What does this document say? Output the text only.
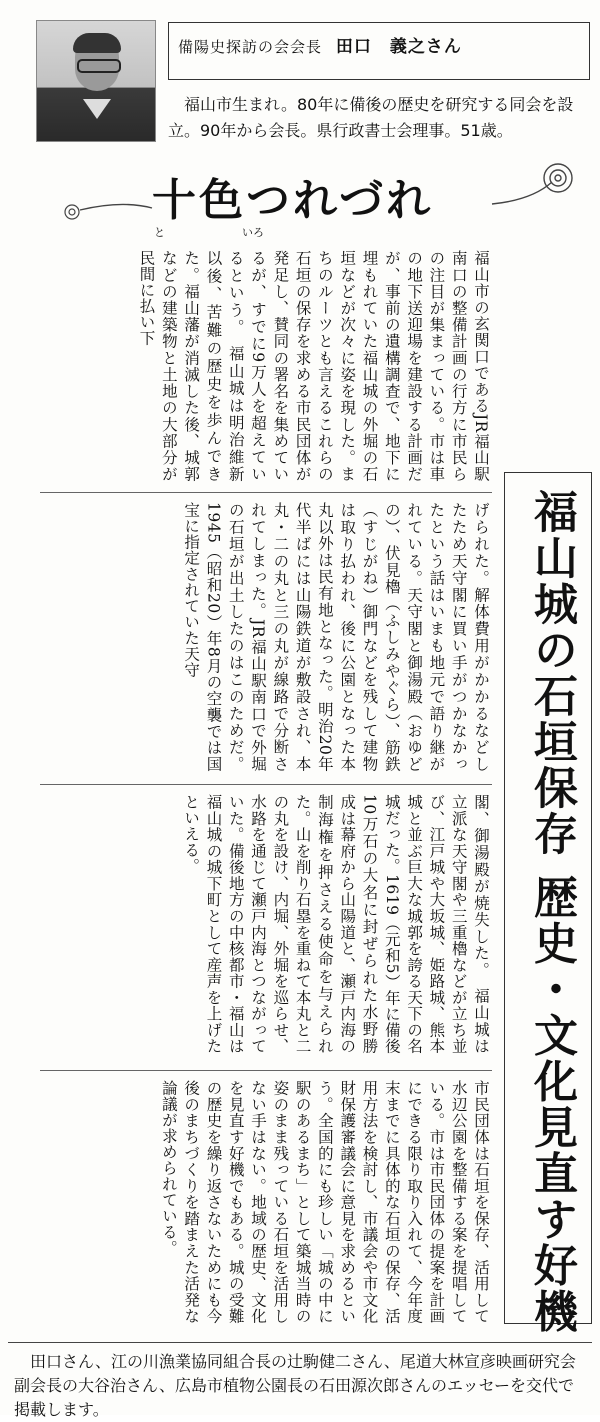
備陽史探訪の会会長 田口　義之さん
福山市生まれ。80年に備後の歴史を研究する同会を設立。90年から会長。県行政書士会理事。51歳。
十色つれづれ
と	いろ
福山市の玄関口であるJR福山駅南口の整備計画の行方に市民らの注目が集まっている。市は車の地下送迎場を建設する計画だが、事前の遺構調査で、地下に埋もれていた福山城の外堀の石垣などが次々に姿を現した。まちのルーツとも言えるこれらの石垣の保存を求める市民団体が発足し、賛同の署名を集めているが、すでに9万人を超えているという。　福山城は明治維新以後、苦難の歴史を歩んできた。福山藩が消滅した後、城郭などの建築物と土地の大部分が民間に払い下
げられた。解体費用がかかるなどしたため天守閣に買い手がつかなかったという話はいまも地元で語り継がれている。天守閣と御湯殿（おゆどの）、伏見櫓（ふしみやぐら）、筋鉄（すじがね）御門などを残して建物は取り払われ、後に公園となった本丸以外は民有地となった。明治20年代半ばには山陽鉄道が敷設され、本丸・二の丸と三の丸が線路で分断されてしまった。JR福山駅南口で外堀の石垣が出土したのはこのためだ。1945（昭和20）年8月の空襲では国宝に指定されていた天守
閣、御湯殿が焼失した。　福山城は立派な天守閣や三重櫓などが立ち並び、江戸城や大坂城、姫路城、熊本城と並ぶ巨大な城郭を誇る天下の名城だった。1619（元和5）年に備後10万石の大名に封ぜられた水野勝成は幕府から山陽道と、瀬戸内海の制海権を押さえる使命を与えられた。山を削り石塁を重ねて本丸と二の丸を設け、内堀、外堀を巡らせ、水路を通じて瀬戸内海とつながっていた。備後地方の中核都市・福山は福山城の城下町として産声を上げたといえる。
市民団体は石垣を保存、活用して水辺公園を整備する案を提唱している。市は市民団体の提案を計画にできる限り取り入れて、今年度末までに具体的な石垣の保存、活用方法を検討し、市議会や市文化財保護審議会に意見を求めるという。全国的にも珍しい「城の中に駅のあるまち」として築城当時の姿のまま残っている石垣を活用しない手はない。地域の歴史、文化を見直す好機でもある。城の受難の歴史を繰り返さないためにも今後のまちづくりを踏まえた活発な論議が求められている。	福山城の石垣保存 歴史・文化見直す好機
田口さん、江の川漁業協同組合長の辻駒健二さん、尾道大林宣彦映画研究会副会長の大谷治さん、広島市植物公園長の石田源次郎さんのエッセーを交代で掲載します。
